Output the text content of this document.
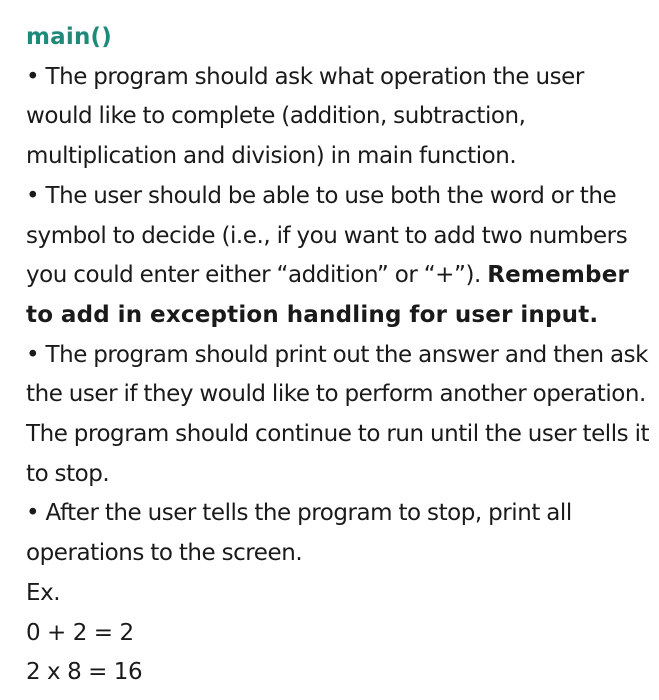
main()

• The program should ask what operation the user would like to complete (addition, subtraction, multiplication and division) in main function.

• The user should be able to use both the word or the symbol to decide (i.e., if you want to add two numbers you could enter either “addition” or “+”). Remember to add in exception handling for user input.

• The program should print out the answer and then ask the user if they would like to perform another operation. The program should continue to run until the user tells it to stop.

• After the user tells the program to stop, print all operations to the screen.

Ex.

0 + 2 = 2

2 x 8 = 16
